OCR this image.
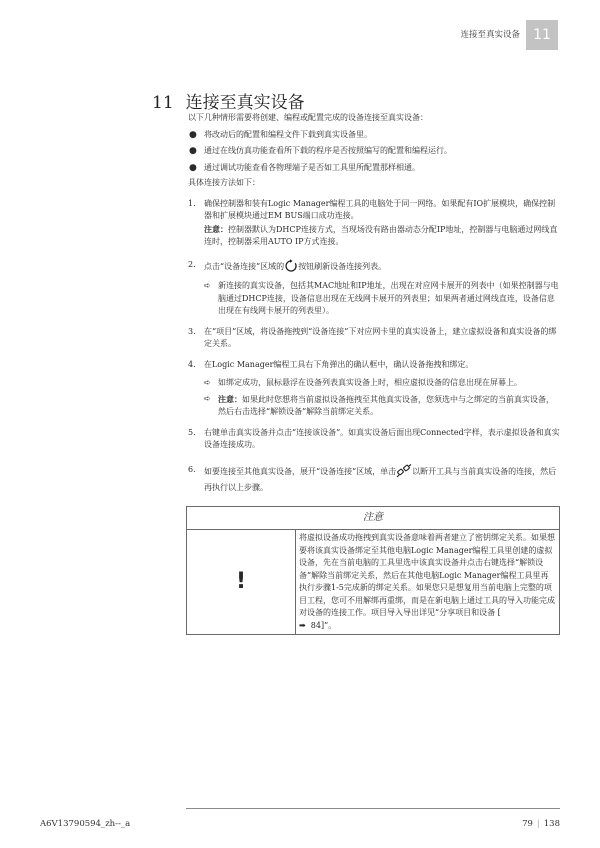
连接至真实设备 11
11 连接至真实设备

以下几种情形需要将创建、编程或配置完成的设备连接至真实设备：

● 将改动后的配置和编程文件下载到真实设备里。
● 通过在线仿真功能查看所下载的程序是否按照编写的配置和编程运行。
● 通过调试功能查看各物理端子是否如工具里所配置那样相通。

具体连接方法如下：

1. 确保控制器和装有Logic Manager编程工具的电脑处于同一网络。如果配有IO扩展模块，确保控制器和扩展模块通过EM BUS端口成功连接。
注意：控制器默认为DHCP连接方式，当现场没有路由器动态分配IP地址，控制器与电脑通过网线直连时，控制器采用AUTO IP方式连接。
2. 点击“设备连接”区域的 按钮刷新设备连接列表。
➪ 新连接的真实设备，包括其MAC地址和IP地址，出现在对应网卡展开的列表中（如果控制器与电脑通过DHCP连接，设备信息出现在无线网卡展开的列表里；如果两者通过网线直连，设备信息出现在有线网卡展开的列表里）。
3. 在“项目”区域，将设备拖拽到“设备连接”下对应网卡里的真实设备上，建立虚拟设备和真实设备的绑定关系。
4. 在Logic Manager编程工具右下角弹出的确认框中，确认设备拖拽和绑定。
➪ 如绑定成功，鼠标悬浮在设备列表真实设备上时，相应虚拟设备的信息出现在屏幕上。
➪ 注意：如果此时您想将当前虚拟设备拖拽至其他真实设备，您须选中与之绑定的当前真实设备，然后右击选择“解锁设备”解除当前绑定关系。
5. 右键单击真实设备并点击“连接该设备”。如真实设备后面出现Connected字样，表示虚拟设备和真实设备连接成功。
6. 如要连接至其他真实设备，展开“设备连接”区域，单击 以断开工具与当前真实设备的连接，然后再执行以上步骤。
注意
!	将虚拟设备成功拖拽到真实设备意味着两者建立了密钥绑定关系。如果想要将该真实设备绑定至其他电脑Logic Manager编程工具里创建的虚拟设备，先在当前电脑的工具里选中该真实设备并点击右键选择“解锁设备”解除当前绑定关系，然后在其他电脑Logic Manager编程工具里再执行步骤1-5完成新的绑定关系。如果您只是想复用当前电脑上完整的项目工程，您可不用解绑再重绑，而是在新电脑上通过工具的导入功能完成对设备的连接工作。项目导入导出详见“分享项目和设备 [
➡ 84]”。
A6V13790594_zh--_a	79 | 138
